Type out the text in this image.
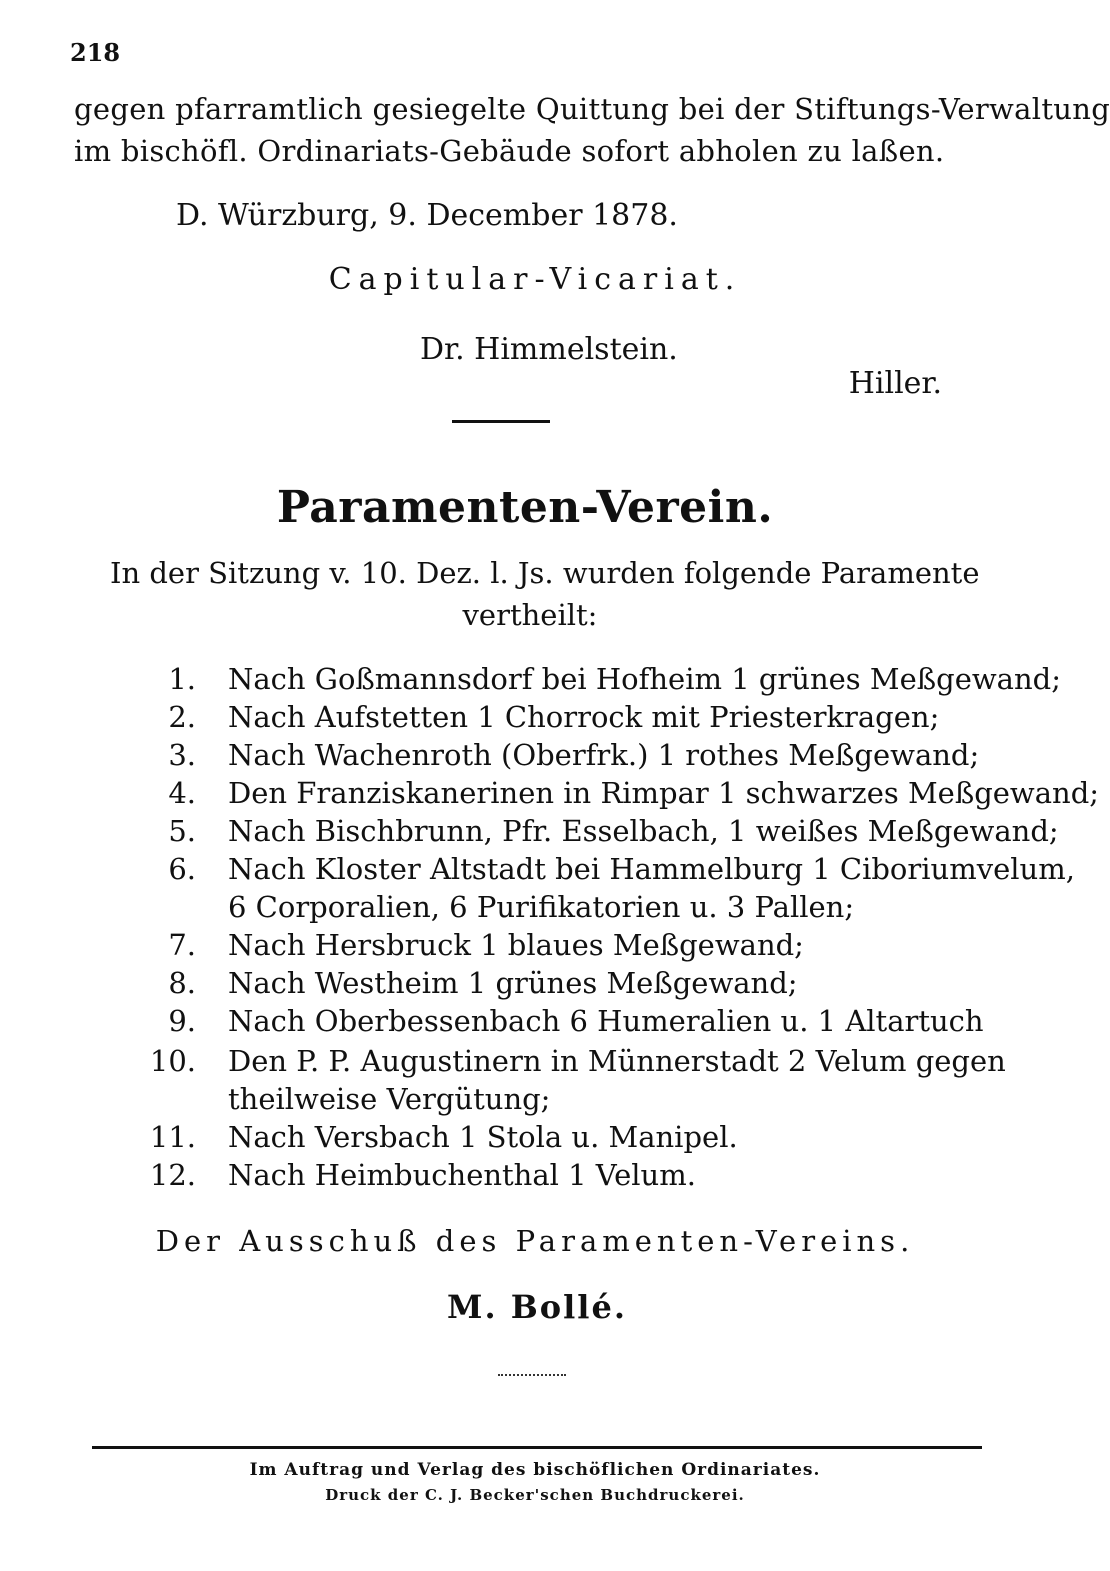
218
gegen pfarramtlich gesiegelte Quittung bei der Stiftungs-Verwaltung
im bischöfl. Ordinariats-Gebäude sofort abholen zu laßen.
D. Würzburg, 9. December 1878.
Capitular-Vicariat.
Dr. Himmelstein.
Hiller.
Paramenten-Verein.
In der Sitzung v. 10. Dez. l. Js. wurden folgende Paramente
vertheilt:
1. Nach Goßmannsdorf bei Hofheim 1 grünes Meßgewand;
2. Nach Aufstetten 1 Chorrock mit Priesterkragen;
3. Nach Wachenroth (Oberfrk.) 1 rothes Meßgewand;
4. Den Franziskanerinen in Rimpar 1 schwarzes Meßgewand;
5. Nach Bischbrunn, Pfr. Esselbach, 1 weißes Meßgewand;
6. Nach Kloster Altstadt bei Hammelburg 1 Ciboriumvelum,
6 Corporalien, 6 Purifikatorien u. 3 Pallen;
7. Nach Hersbruck 1 blaues Meßgewand;
8. Nach Westheim 1 grünes Meßgewand;
9. Nach Oberbessenbach 6 Humeralien u. 1 Altartuch
10. Den P. P. Augustinern in Münnerstadt 2 Velum gegen
theilweise Vergütung;
11. Nach Versbach 1 Stola u. Manipel.
12. Nach Heimbuchenthal 1 Velum.
Der Ausschuß des Paramenten-Vereins.
M. Bollé.
Im Auftrag und Verlag des bischöflichen Ordinariates.
Druck der C. J. Becker'schen Buchdruckerei.
